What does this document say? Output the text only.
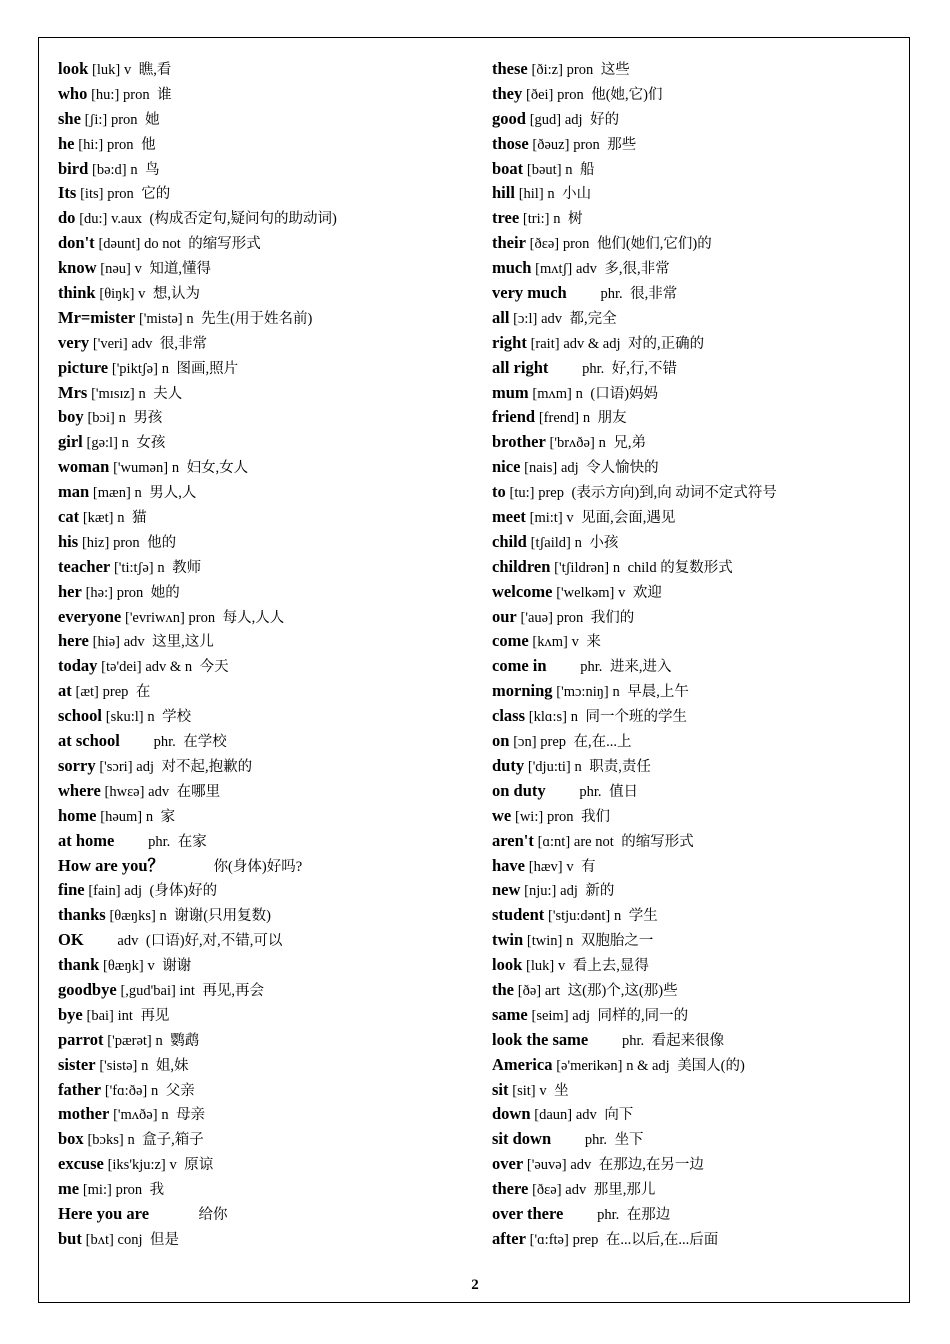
look [luk] v 瞧,看
who [hu:] pron 谁
she [ʃi:] pron 她
he [hi:] pron 他
bird [bə:d] n 鸟
Its [its] pron 它的
do [du:] v.aux (构成否定句,疑问句的助动词)
don't [dəunt] do not 的缩写形式
know [nəu] v 知道,懂得
think [θiŋk] v 想,认为
Mr=mister ['mistə] n 先生(用于姓名前)
very ['veri] adv 很,非常
picture ['piktʃə] n 图画,照片
Mrs ['mɪsɪz] n 夫人
boy [bɔi] n 男孩
girl [gə:l] n 女孩
woman ['wumən] n 妇女,女人
man [mæn] n 男人,人
cat [kæt] n 猫
his [hiz] pron 他的
teacher ['ti:tʃə] n 教师
her [hə:] pron 她的
everyone ['evriwʌn] pron 每人,人人
here [hiə] adv 这里,这儿
today [tə'dei] adv & n 今天
at [æt] prep 在
school [sku:l] n 学校
at school phr. 在学校
sorry ['sɔri] adj 对不起,抱歉的
where [hwεə] adv 在哪里
home [həum] n 家
at home phr. 在家
How are you？	你(身体)好吗?
fine [fain] adj (身体)好的
thanks [θæŋks] n 谢谢(只用复数)
OK adv (口语)好,对,不错,可以
thank [θæŋk] v 谢谢
goodbye [,gud'bai] int 再见,再会
bye [bai] int 再见
parrot ['pærət] n 鹦鹉
sister ['sistə] n 姐,妹
father ['fɑ:ðə] n 父亲
mother ['mʌðə] n 母亲
box [bɔks] n 盒子,箱子
excuse [iks'kju:z] v 原谅
me [mi:] pron 我
Here you are	给你
but [bʌt] conj 但是
these [ði:z] pron 这些
they [ðei] pron 他(她,它)们
good [gud] adj 好的
those [ðəuz] pron 那些
boat [bəut] n 船
hill [hil] n 小山
tree [tri:] n 树
their [ðεə] pron 他们(她们,它们)的
much [mʌtʃ] adv 多,很,非常
very much phr. 很,非常
all [ɔ:l] adv 都,完全
right [rait] adv & adj 对的,正确的
all right phr. 好,行,不错
mum [mʌm] n (口语)妈妈
friend [frend] n 朋友
brother ['brʌðə] n 兄,弟
nice [nais] adj 令人愉快的
to [tu:] prep (表示方向)到,向 动词不定式符号
meet [mi:t] v 见面,会面,遇见
child [tʃaild] n 小孩
children ['tʃildrən] n child 的复数形式
welcome ['welkəm] v 欢迎
our ['auə] pron 我们的
come [kʌm] v 来
come in phr. 进来,进入
morning ['mɔ:niŋ] n 早晨,上午
class [klɑ:s] n 同一个班的学生
on [ɔn] prep 在,在...上
duty ['dju:ti] n 职责,责任
on duty phr. 值日
we [wi:] pron 我们
aren't [ɑ:nt] are not 的缩写形式
have [hæv] v 有
new [nju:] adj 新的
student ['stju:dənt] n 学生
twin [twin] n 双胞胎之一
look [luk] v 看上去,显得
the [ðə] art 这(那)个,这(那)些
same [seim] adj 同样的,同一的
look the same phr. 看起来很像
America [ə'merikən] n & adj 美国人(的)
sit [sit] v 坐
down [daun] adv 向下
sit down phr. 坐下
over ['əuvə] adv 在那边,在另一边
there [ðεə] adv 那里,那儿
over there phr. 在那边
after ['ɑ:ftə] prep 在...以后,在...后面
2
